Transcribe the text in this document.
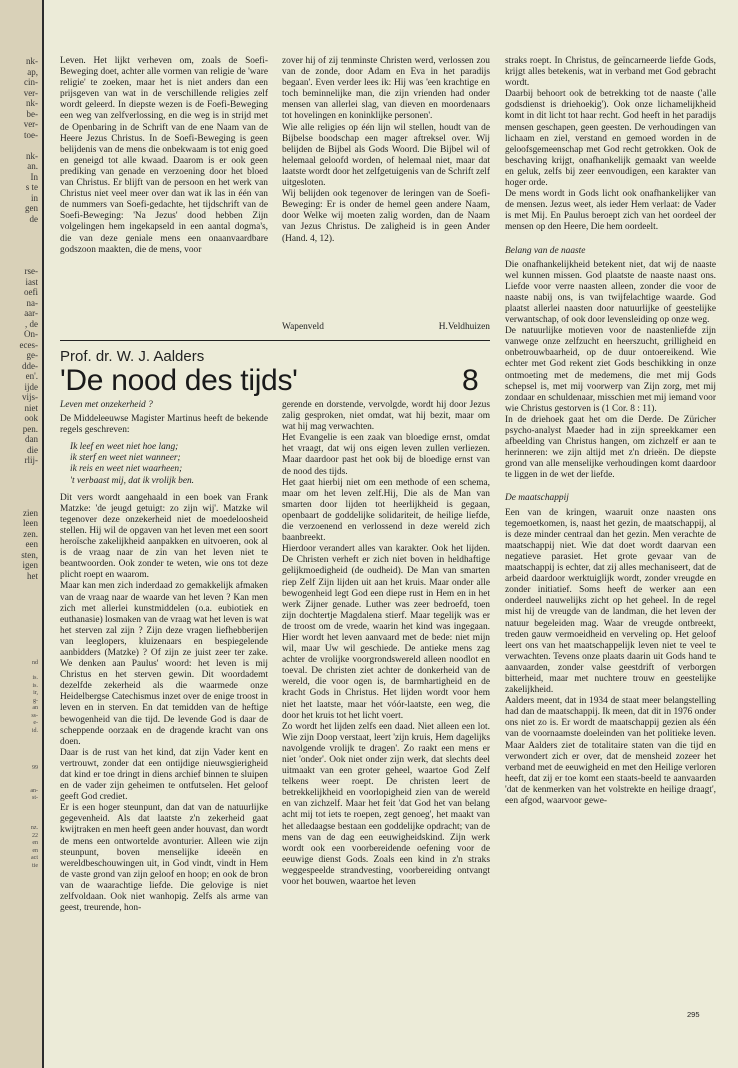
nk-
ap,
cin-
ver-
nk-
be-
ver-
toe-
nk-
an.
In
s te
in
gen
de
rse-
iast
oefi
na-
aar-
, de
On-
eces-
ge-
dde-
en'.
ijde
vijs-
niet
ook
pen.
dan
die
rlij-
zien
leen
zen.
een
sten,
igen
het
nd
is.
is.
ir,
g-
an
ss-
e-
id.
99
an-
st-
nz.
22
en
en
act
tie

Leven. Het lijkt verheven om, zoals de Soefi-Beweging doet, achter alle vormen van religie de 'ware religie' te zoeken, maar het is niet anders dan een prijsgeven van wat in de verschillende religies zelf wordt geleerd. In diepste wezen is de Foefi-Beweging een weg van zelfverlossing, en die weg is in strijd met de Openbaring in de Schrift van de ene Naam van de Heere Jezus Christus. In de Soefi-Beweging is geen belijdenis van de mens die onbekwaam is tot enig goed en geneigd tot alle kwaad. Daarom is er ook geen prediking van genade en verzoening door het bloed van Christus. Er blijft van de persoon en het werk van Christus niet veel meer over dan wat ik las in één van de nummers van Soefi-gedachte, het tijdschrift van de Soefi-Beweging: 'Na Jezus' dood hebben Zijn volgelingen hem ingekapseld in een aantal dogma's, die van deze geniale mens een onaanvaardbare godszoon maakten, die de mens, voor

zover hij of zij tenminste Christen werd, verlossen zou van de zonde, door Adam en Eva in het paradijs begaan'. Even verder lees ik: Hij was 'een krachtige en toch beminnelijke man, die zijn vrienden had onder mensen van allerlei slag, van dieven en moordenaars tot hovelingen en koninklijke personen'.

Wie alle religies op één lijn wil stellen, houdt van de Bijbelse boodschap een mager aftreksel over. Wij belijden de Bijbel als Gods Woord. Die Bijbel wil of helemaal geloofd worden, of helemaal niet, maar dat laatste wordt door het zelfgetuigenis van de Schrift zelf uitgesloten.

Wij belijden ook tegenover de leringen van de Soefi-Beweging: Er is onder de hemel geen andere Naam, door Welke wij moeten zalig worden, dan de Naam van Jezus Christus. De zaligheid is in geen Ander (Hand. 4, 12).

Wapenveld	H.Veldhuizen
Prof. dr. W. J. Aalders
'De nood des tijds'	8

Leven met onzekerheid ?

De Middeleeuwse Magister Martinus heeft de bekende regels geschreven:

Ik leef en weet niet hoe lang;
ik sterf en weet niet wanneer;
ik reis en weet niet waarheen;
't verbaast mij, dat ik vrolijk ben.

Dit vers wordt aangehaald in een boek van Frank Matzke: 'de jeugd getuigt: zo zijn wij'. Matzke wil tegenover deze onzekerheid niet de moedeloosheid stellen. Hij wil de opgaven van het leven met een soort heroïsche zakelijkheid aanpakken en uitvoeren, ook al is de vraag naar de zin van het leven niet te beantwoorden. Ook zonder te weten, wie ons tot deze plicht roept en waarom.

Maar kan men zich inderdaad zo gemakkelijk afmaken van de vraag naar de waarde van het leven ? Kan men zich met allerlei kunstmiddelen (o.a. eubiotiek en euthanasie) losmaken van de vraag wat het leven is wat het sterven zal zijn ? Zijn deze vragen liefhebberijen van leeglopers, kluizenaars en bespiegelende aanbidders (Matzke) ? Of zijn ze juist zeer ter zake. We denken aan Paulus' woord: het leven is mij Christus en het sterven gewin. Dit woordademt dezelfde zekerheid als die waarmede onze Heidelbergse Catechismus inzet over de enige troost in leven en in sterven. En dat temidden van de heftige bewogenheid van die tijd. De levende God is daar de scheppende oorzaak en de dragende kracht van ons doen.

Daar is de rust van het kind, dat zijn Vader kent en vertrouwt, zonder dat een ontijdige nieuwsgierigheid dat kind er toe dringt in diens archief binnen te sluipen en de vader zijn geheimen te ontfutselen. Het geloof geeft God crediet.

Er is een hoger steunpunt, dan dat van de natuurlijke gegevenheid. Als dat laatste z'n zekerheid gaat kwijtraken en men heeft geen ander houvast, dan wordt de mens een ontwortelde avonturier. Alleen wie zijn steunpunt, boven menselijke ideeën en wereldbeschouwingen uit, in God vindt, vindt in Hem de vaste grond van zijn geloof en hoop; en ook de bron van de waarachtige liefde. Die gelovige is niet zelfvoldaan. Ook niet wanhopig. Zelfs als arme van geest, treurende, hon-

gerende en dorstende, vervolgde, wordt hij door Jezus zalig gesproken, niet omdat, wat hij bezit, maar om wat hij mag verwachten.

Het Evangelie is een zaak van bloedige ernst, omdat het vraagt, dat wij ons eigen leven zullen verliezen. Maar daardoor past het ook bij de bloedige ernst van de nood des tijds.

Het gaat hierbij niet om een methode of een schema, maar om het leven zelf.Hij, Die als de Man van smarten door lijden tot heerlijkheid is gegaan, openbaart de goddelijke solidariteit, de heilige liefde, die verzoenend en verlossend in deze wereld zich baanbreekt.

Hierdoor verandert alles van karakter. Ook het lijden. De Christen verheft er zich niet boven in heldhaftige gelijkmoedigheid (de oudheid). De Man van smarten riep Zelf Zijn lijden uit aan het kruis. Maar onder alle bewogenheid legt God een diepe rust in Hem en in het werk Zijner genade. Luther was zeer bedroefd, toen zijn dochtertje Magdalena stierf. Maar tegelijk was er de troost om de vrede, waarin het kind was ingegaan. Hier wordt het leven aanvaard met de bede: niet mijn wil, maar Uw wil geschiede. De antieke mens zag achter de vrolijke voorgrondswereld alleen noodlot en toeval. De christen ziet achter de donkerheid van de wereld, die voor ogen is, de barmhartigheid en de kracht Gods in Christus. Het lijden wordt voor hem niet het laatste, maar het vóór-laatste, een weg, die door het kruis tot het licht voert.

Zo wordt het lijden zelfs een daad. Niet alleen een lot. Wie zijn Doop verstaat, leert 'zijn kruis, Hem dagelijks navolgende vrolijk te dragen'. Zo raakt een mens er niet 'onder'. Ook niet onder zijn werk, dat slechts deel uitmaakt van een groter geheel, waartoe God Zelf telkens weer roept. De christen leert de betrekkelijkheid en voorlopigheid zien van de wereld en van zichzelf. Maar het feit 'dat God het van belang acht mij tot iets te roepen, zegt genoeg', het maakt van het alledaagse bestaan een goddelijke opdracht; van de mens van de dag een eeuwigheidskind. Zijn werk wordt ook een voorbereidende oefening voor de eeuwige dienst Gods. Zoals een kind in z'n straks weggespeelde strandvesting, voorbereiding ontvangt voor het bouwen, waartoe het leven

straks roept. In Christus, de geïncarneerde liefde Gods, krijgt alles betekenis, wat in verband met God gebracht wordt.

Daarbij behoort ook de betrekking tot de naaste ('alle godsdienst is driehoekig'). Ook onze lichamelijkheid komt in dit licht tot haar recht. God heeft in het paradijs mensen geschapen, geen geesten. De verhoudingen van lichaam en ziel, verstand en gemoed worden in de geloofsgemeenschap met God recht getrokken. Ook de beschaving krijgt, onafhankelijk gemaakt van weelde en geluk, zelfs bij zeer eenvoudigen, een karakter van hoger orde.

De mens wordt in Gods licht ook onafhankelijker van de mensen. Jezus weet, als ieder Hem verlaat: de Vader is met Mij. En Paulus beroept zich van het oordeel der mensen op den Heere, Die hem oordeelt.

Belang van de naaste

Die onafhankelijkheid betekent niet, dat wij de naaste wel kunnen missen. God plaatste de naaste naast ons. Liefde voor verre naasten alleen, zonder die voor de naaste nabij ons, is van twijfelachtige waarde. God plaatst allerlei naasten door natuurlijke of geestelijke verwantschap, of ook door levensleiding op onze weg.

De natuurlijke motieven voor de naastenliefde zijn vanwege onze zelfzucht en heerszucht, grilligheid en onbetrouwbaarheid, op de duur ontoereikend. Wie echter met God rekent ziet Gods beschikking in onze ontmoeting met de medemens, die met mij Gods schepsel is, met mij voorwerp van Zijn zorg, met mij zondaar en schuldenaar, misschien met mij iemand voor wie Christus gestorven is (1 Cor. 8 : 11).

In de driehoek gaat het om die Derde. De Züricher psycho-analyst Maeder had in zijn spreekkamer een afbeelding van Christus hangen, om zichzelf er aan te herinneren: we zijn altijd met z'n drieën. De diepste grond van alle menselijke verhoudingen komt daardoor te liggen in de wet der liefde.

De maatschappij

Een van de kringen, waaruit onze naasten ons tegemoetkomen, is, naast het gezin, de maatschappij, al is deze minder centraal dan het gezin. Men verachte de maatschappij niet. Wie dat doet wordt daarvan een negatieve parasiet. Het grote gevaar van de maatschappij is echter, dat zij alles mechaniseert, dat de arbeid daardoor werktuiglijk wordt, zonder vreugde en zonder initiatief. Soms heeft de werker aan een onderdeel nauwelijks zicht op het geheel. In de regel mist hij de vreugde van de landman, die het leven der natuur begeleiden mag. Waar de vreugde ontbreekt, treden gauw vermoeidheid en verveling op. Het geloof leert ons van het maatschappelijk leven niet te veel te verwachten. Tevens onze plaats daarin uit Gods hand te aanvaarden, zonder valse geestdrift of verborgen bitterheid, maar met nuchtere trouw en geestelijke zakelijkheid.

Aalders meent, dat in 1934 de staat meer belangstelling had dan de maatschappij. Ik meen, dat dit in 1976 onder ons niet zo is. Er wordt de maatschappij gezien als één van de voornaamste doeleinden van het politieke leven. Maar Aalders ziet de totalitaire staten van die tijd en verwondert zich er over, dat de mensheid zozeer het verband met de eeuwigheid en met den Heilige verloren heeft, dat zij er toe komt een staats-beeld te aanvaarden 'dat de kenmerken van het volstrekte en heilige draagt', een afgod, waarvoor gewe-

295
